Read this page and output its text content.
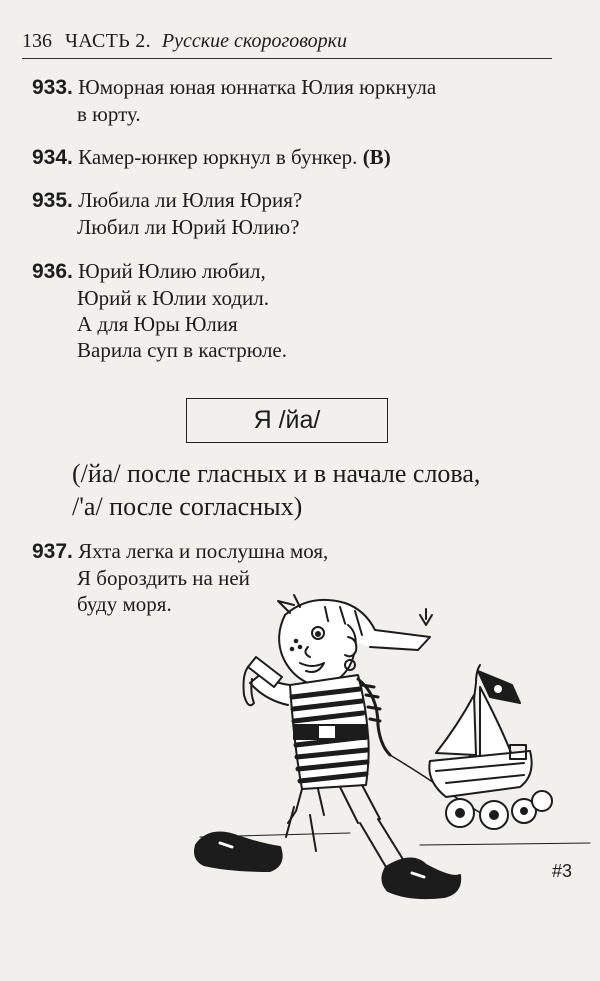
136 ЧАСТЬ 2. Русские скороговорки
933. Юморная юная юннатка Юлия юркнула
в юрту.
934. Камер-юнкер юркнул в бункер. (В)
935. Любила ли Юлия Юрия?
Любил ли Юрий Юлию?
936. Юрий Юлию любил,
Юрий к Юлии ходил.
А для Юры Юлия
Варила суп в кастрюле.
Я /йа/
(/йа/ после гласных и в начале слова,
/'а/ после согласных)
937. Яхта легка и послушна моя,
Я бороздить на ней
буду моря.
#3
